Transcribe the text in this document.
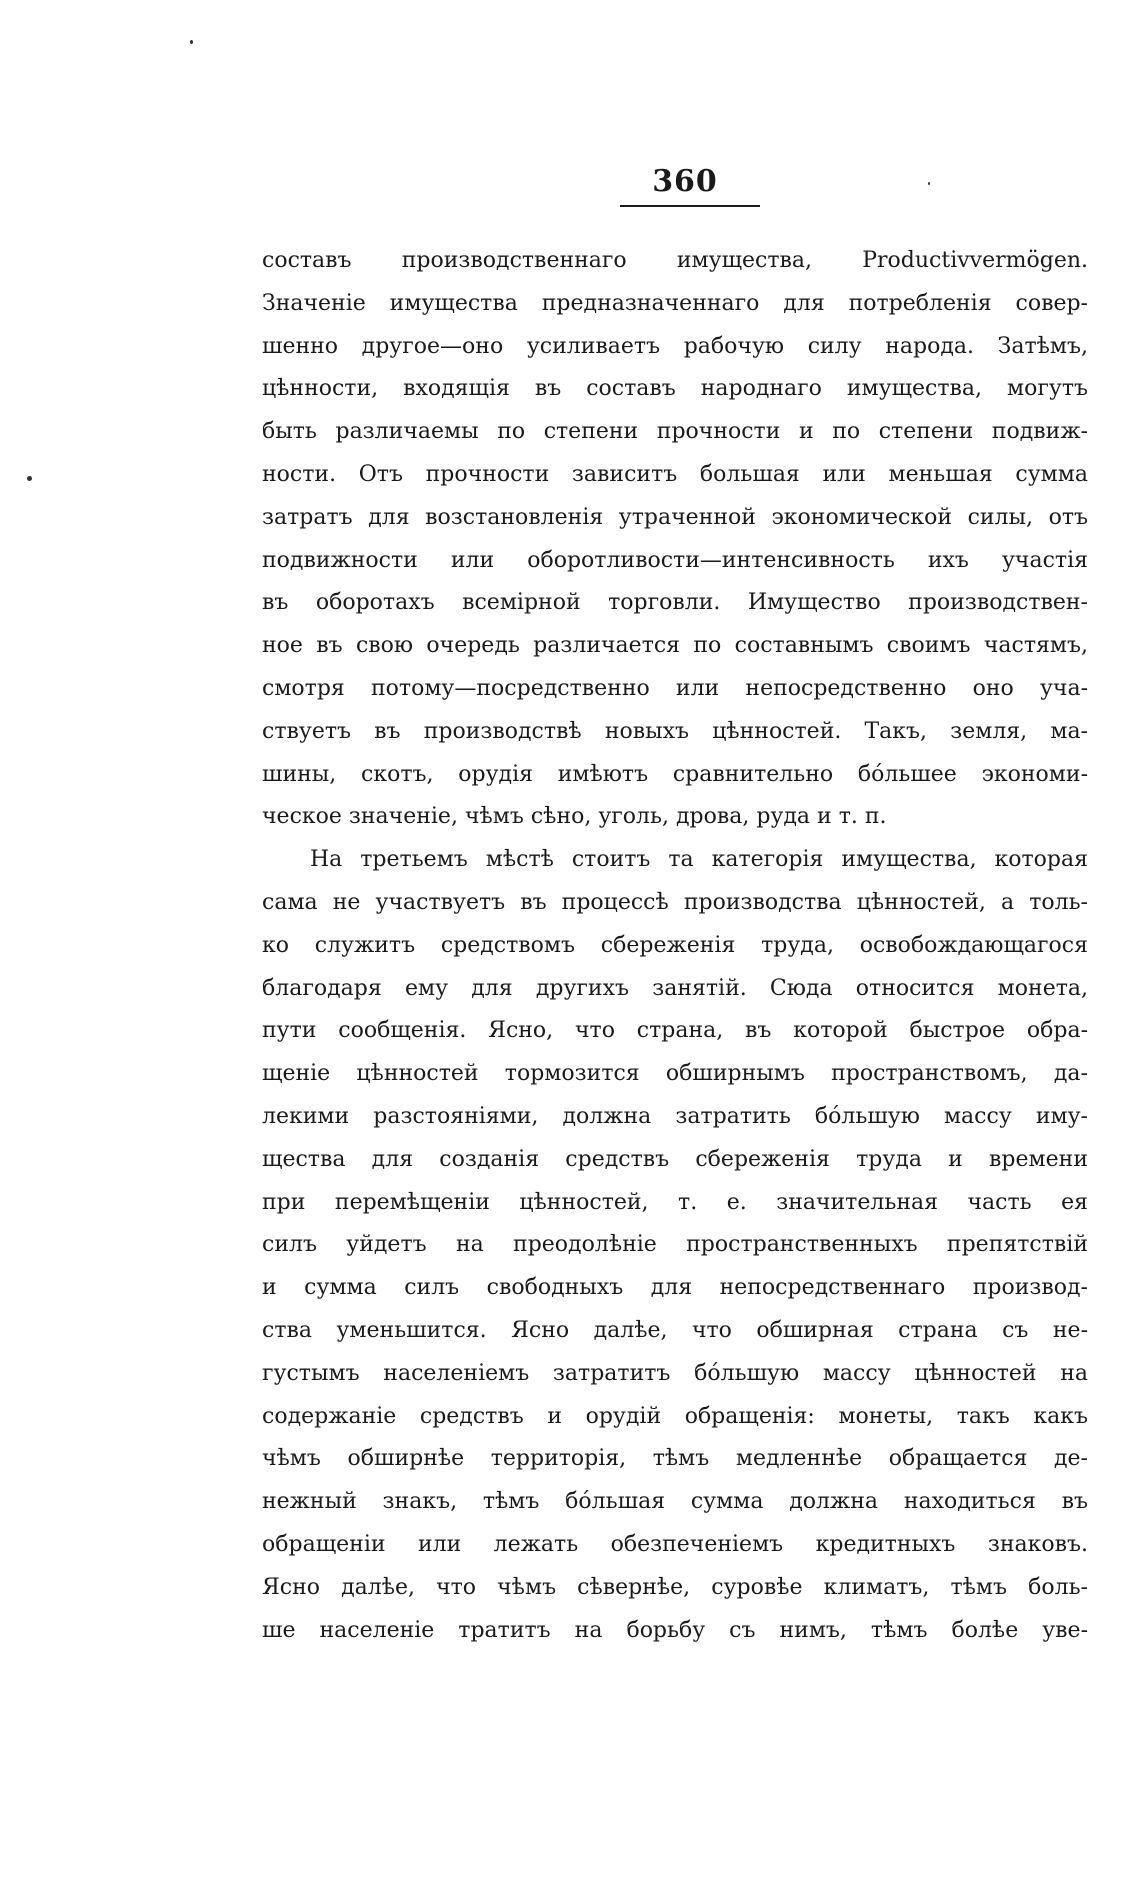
360
составъ производственнаго имущества, Productivvermögen.
Значеніе имущества предназначеннаго для потребленія совер-
шенно другое—оно усиливаетъ рабочую силу народа. Затѣмъ,
цѣнности, входящія въ составъ народнаго имущества, могутъ
быть различаемы по степени прочности и по степени подвиж-
ности. Отъ прочности зависитъ большая или меньшая сумма
затратъ для возстановленія утраченной экономической силы, отъ
подвижности или оборотливости—интенсивность ихъ участія
въ оборотахъ всемірной торговли. Имущество производствен-
ное въ свою очередь различается по составнымъ своимъ частямъ,
смотря потому—посредственно или непосредственно оно уча-
ствуетъ въ производствѣ новыхъ цѣнностей. Такъ, земля, ма-
шины, скотъ, орудія имѣютъ сравнительно бóльшее экономи-
ческое значеніе, чѣмъ сѣно, уголь, дрова, руда и т. п.
На третьемъ мѣстѣ стоитъ та категорія имущества, которая
сама не участвуетъ въ процессѣ производства цѣнностей, а толь-
ко служитъ средствомъ сбереженія труда, освобождающагося
благодаря ему для другихъ занятій. Сюда относится монета,
пути сообщенія. Ясно, что страна, въ которой быстрое обра-
щеніе цѣнностей тормозится обширнымъ пространствомъ, да-
лекими разстояніями, должна затратить бóльшую массу иму-
щества для созданія средствъ сбереженія труда и времени
при перемѣщеніи цѣнностей, т. е. значительная часть ея
силъ уйдетъ на преодолѣніе пространственныхъ препятствій
и сумма силъ свободныхъ для непосредственнаго производ-
ства уменьшится. Ясно далѣе, что обширная страна съ не-
густымъ населеніемъ затратитъ бóльшую массу цѣнностей на
содержаніе средствъ и орудій обращенія: монеты, такъ какъ
чѣмъ обширнѣе территорія, тѣмъ медленнѣе обращается де-
нежный знакъ, тѣмъ бóльшая сумма должна находиться въ
обращеніи или лежать обезпеченіемъ кредитныхъ знаковъ.
Ясно далѣе, что чѣмъ сѣвернѣе, суровѣе климатъ, тѣмъ боль-
ше населеніе тратитъ на борьбу съ нимъ, тѣмъ болѣе уве-
